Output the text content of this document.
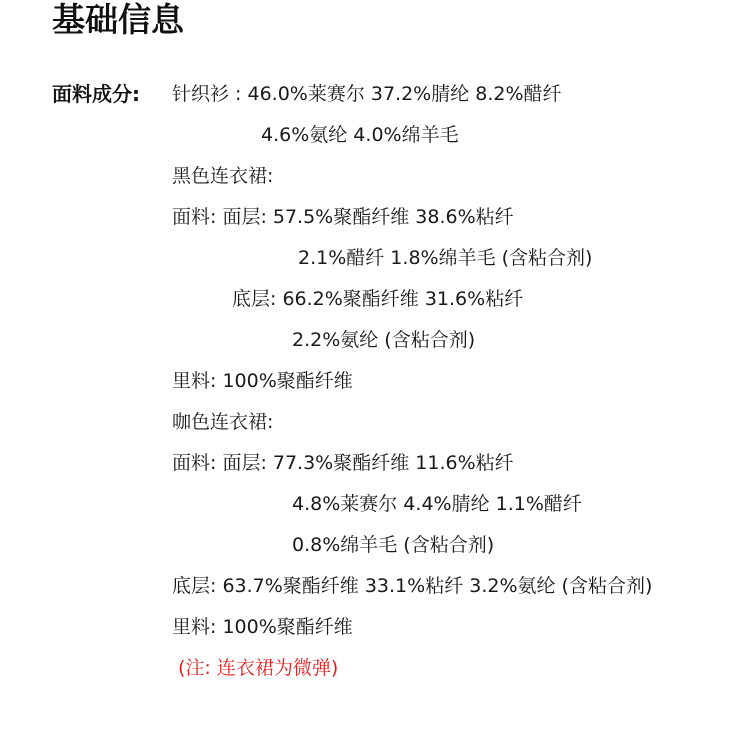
基础信息
面料成分: 针织衫 : 46.0%莱赛尔 37.2%腈纶 8.2%醋纤
4.6%氨纶 4.0%绵羊毛
黑色连衣裙:
面料: 面层: 57.5%聚酯纤维 38.6%粘纤
2.1%醋纤 1.8%绵羊毛 (含粘合剂)
底层: 66.2%聚酯纤维 31.6%粘纤
2.2%氨纶 (含粘合剂)
里料: 100%聚酯纤维
咖色连衣裙:
面料: 面层: 77.3%聚酯纤维 11.6%粘纤
4.8%莱赛尔 4.4%腈纶 1.1%醋纤
0.8%绵羊毛 (含粘合剂)
底层: 63.7%聚酯纤维 33.1%粘纤 3.2%氨纶 (含粘合剂)
里料: 100%聚酯纤维
(注: 连衣裙为微弹)
